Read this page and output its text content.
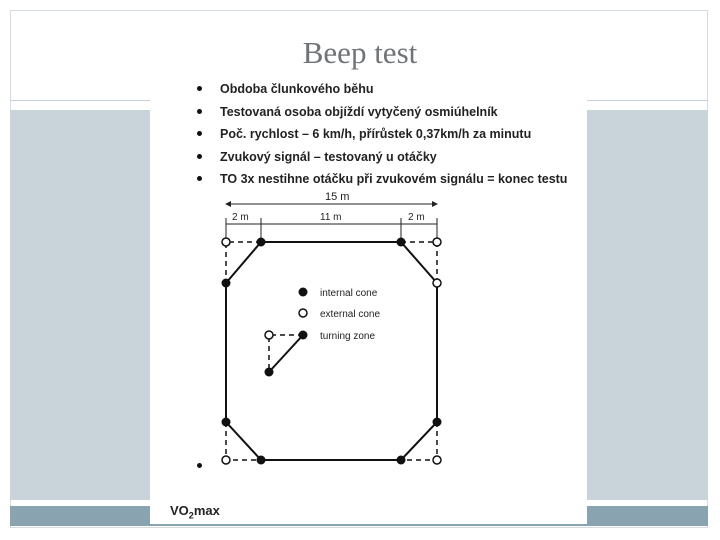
Beep test
Obdoba člunkového běhu
Testovaná osoba objíždí vytyčený osmiúhelník
Poč. rychlost – 6 km/h, přírůstek 0,37km/h za minutu
Zvukový signál – testovaný u otáčky
TO 3x nestihne otáčku při zvukovém signálu = konec testu
15 m
2 m	11 m	2 m
internal cone
external cone
turning zone
$VO_2\max$
